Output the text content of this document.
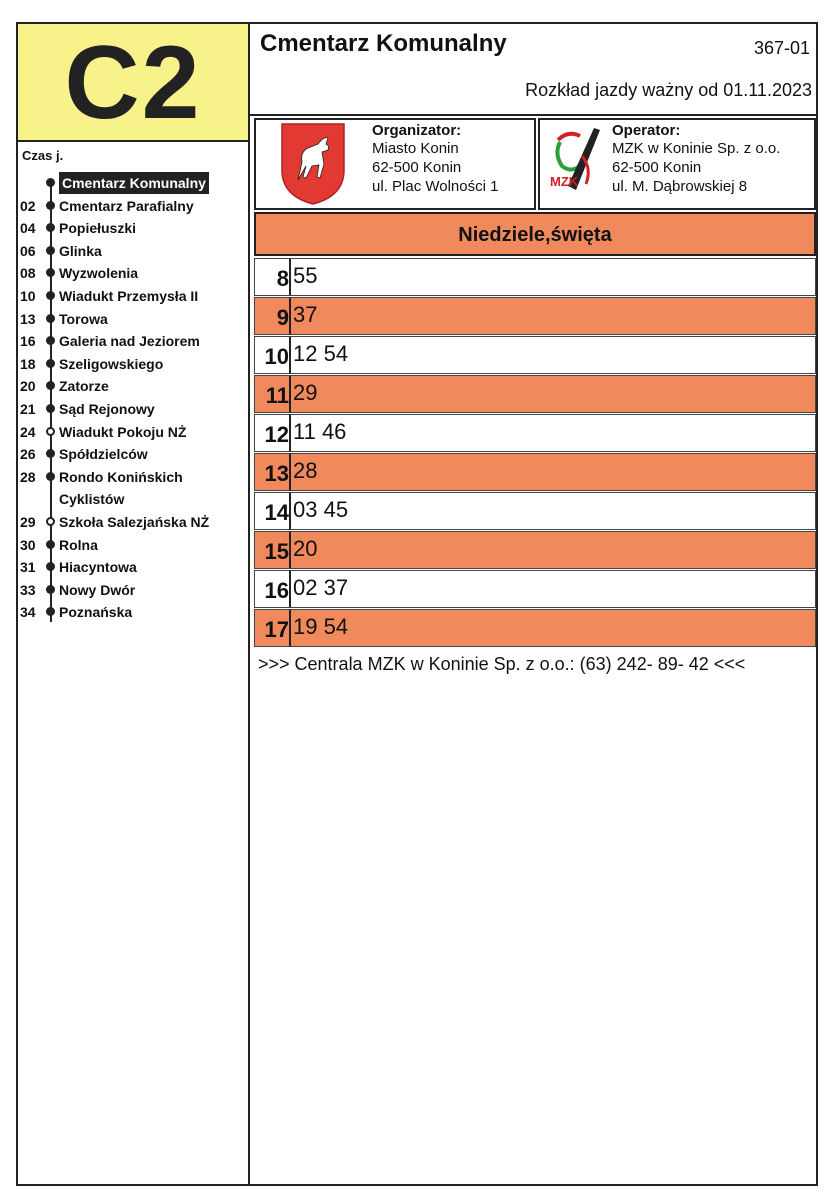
C2	Cmentarz Komunalny	367-01
Rozkład jazdy ważny od 01.11.2023
Organizator:
Miasto Konin
62-500 Konin
ul. Plac Wolności 1	MZK
Operator:
MZK w Koninie Sp. z o.o.
62-500 Konin
ul. M. Dąbrowskiej 8
Niedziele,święta
8 55
9 37
10 12 54
11 29
12 11 46
13 28
14 03 45
15 20
16 02 37
17 19 54
>>> Centrala MZK w Koninie Sp. z o.o.: (63) 242- 89- 42 <<<
Czas j.
Cmentarz Komunalny
02	Cmentarz Parafialny
04	Popiełuszki
06	Glinka
08	Wyzwolenia
10	Wiadukt Przemysła II
13	Torowa
16	Galeria nad Jeziorem
18	Szeligowskiego
20	Zatorze
21	Sąd Rejonowy
24	Wiadukt Pokoju NŻ
26	Spółdzielców
28	Rondo Konińskich
Cyklistów
29	Szkoła Salezjańska NŻ
30	Rolna
31	Hiacyntowa
33	Nowy Dwór
34	Poznańska
